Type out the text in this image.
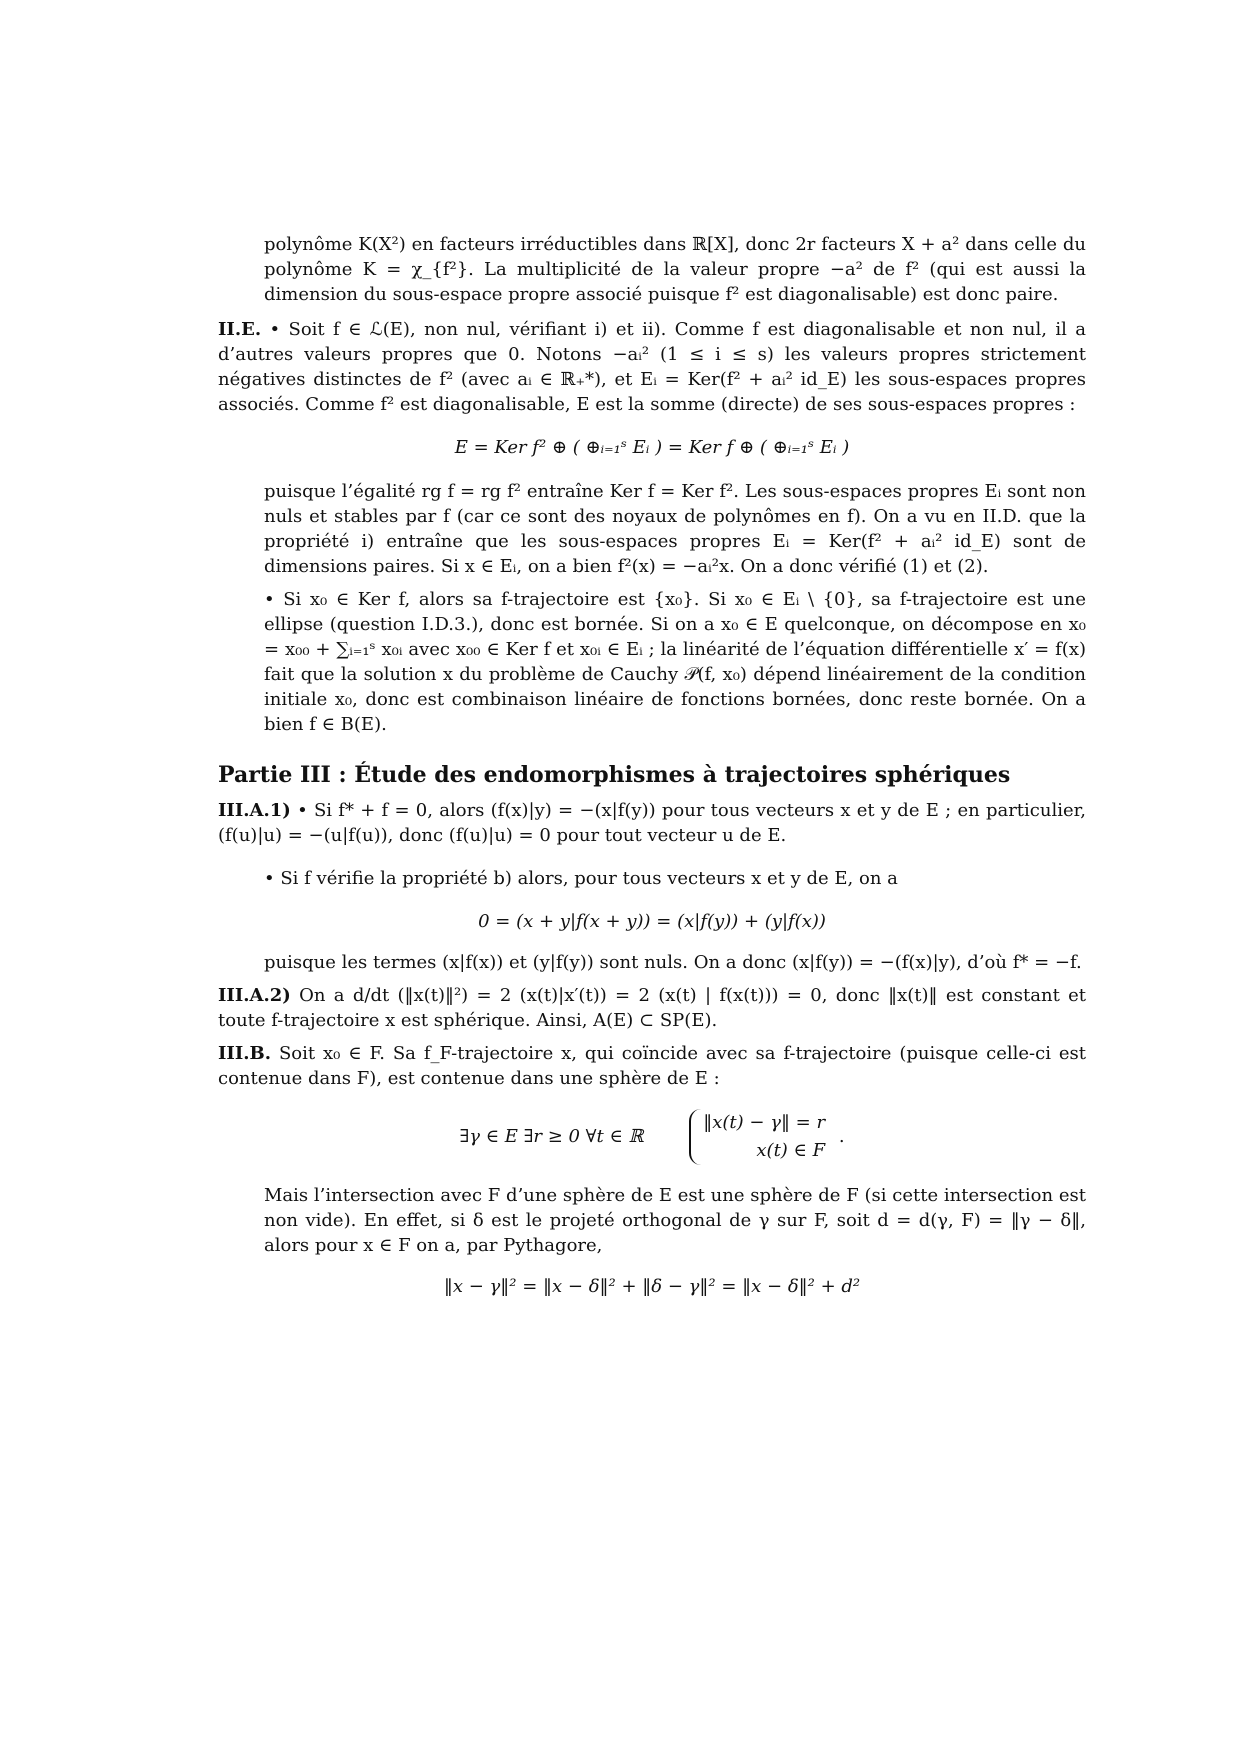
polynôme K(X²) en facteurs irréductibles dans ℝ[X], donc 2r facteurs X + a² dans celle du polynôme K = χ_{f²}. La multiplicité de la valeur propre −a² de f² (qui est aussi la dimension du sous-espace propre associé puisque f² est diagonalisable) est donc paire.

II.E. • Soit f ∈ ℒ(E), non nul, vérifiant i) et ii). Comme f est diagonalisable et non nul, il a d’autres valeurs propres que 0. Notons −aᵢ² (1 ≤ i ≤ s) les valeurs propres strictement négatives distinctes de f² (avec aᵢ ∈ ℝ₊*), et Eᵢ = Ker(f² + aᵢ² id_E) les sous-espaces propres associés. Comme f² est diagonalisable, E est la somme (directe) de ses sous-espaces propres :

E = Ker f² ⊕ ( ⊕ᵢ₌₁ˢ Eᵢ ) = Ker f ⊕ ( ⊕ᵢ₌₁ˢ Eᵢ )

puisque l’égalité rg f = rg f² entraîne Ker f = Ker f². Les sous-espaces propres Eᵢ sont non nuls et stables par f (car ce sont des noyaux de polynômes en f). On a vu en II.D. que la propriété i) entraîne que les sous-espaces propres Eᵢ = Ker(f² + aᵢ² id_E) sont de dimensions paires. Si x ∈ Eᵢ, on a bien f²(x) = −aᵢ²x. On a donc vérifié (1) et (2).

• Si x₀ ∈ Ker f, alors sa f-trajectoire est {x₀}. Si x₀ ∈ Eᵢ \ {0}, sa f-trajectoire est une ellipse (question I.D.3.), donc est bornée. Si on a x₀ ∈ E quelconque, on décompose en x₀ = x₀₀ + ∑ᵢ₌₁ˢ x₀ᵢ avec x₀₀ ∈ Ker f et x₀ᵢ ∈ Eᵢ ; la linéarité de l’équation différentielle x′ = f(x) fait que la solution x du problème de Cauchy 𝒫(f, x₀) dépend linéairement de la condition initiale x₀, donc est combinaison linéaire de fonctions bornées, donc reste bornée. On a bien f ∈ B(E).

Partie III : Étude des endomorphismes à trajectoires sphériques

III.A.1) • Si f* + f = 0, alors (f(x)|y) = −(x|f(y)) pour tous vecteurs x et y de E ; en particulier, (f(u)|u) = −(u|f(u)), donc (f(u)|u) = 0 pour tout vecteur u de E.

• Si f vérifie la propriété b) alors, pour tous vecteurs x et y de E, on a

0 = (x + y|f(x + y)) = (x|f(y)) + (y|f(x))

puisque les termes (x|f(x)) et (y|f(y)) sont nuls. On a donc (x|f(y)) = −(f(x)|y), d’où f* = −f.

III.A.2) On a d/dt (‖x(t)‖²) = 2 (x(t)|x′(t)) = 2 (x(t) | f(x(t))) = 0, donc ‖x(t)‖ est constant et toute f-trajectoire x est sphérique. Ainsi, A(E) ⊂ SP(E).

III.B. Soit x₀ ∈ F. Sa f_F-trajectoire x, qui coïncide avec sa f-trajectoire (puisque celle-ci est contenue dans F), est contenue dans une sphère de E :

∃γ ∈ E ∃r ≥ 0 ∀t ∈ ℝ
‖x(t) − γ‖ = r
x(t) ∈ F
.

Mais l’intersection avec F d’une sphère de E est une sphère de F (si cette intersection est non vide). En effet, si δ est le projeté orthogonal de γ sur F, soit d = d(γ, F) = ‖γ − δ‖, alors pour x ∈ F on a, par Pythagore,

‖x − γ‖² = ‖x − δ‖² + ‖δ − γ‖² = ‖x − δ‖² + d²
